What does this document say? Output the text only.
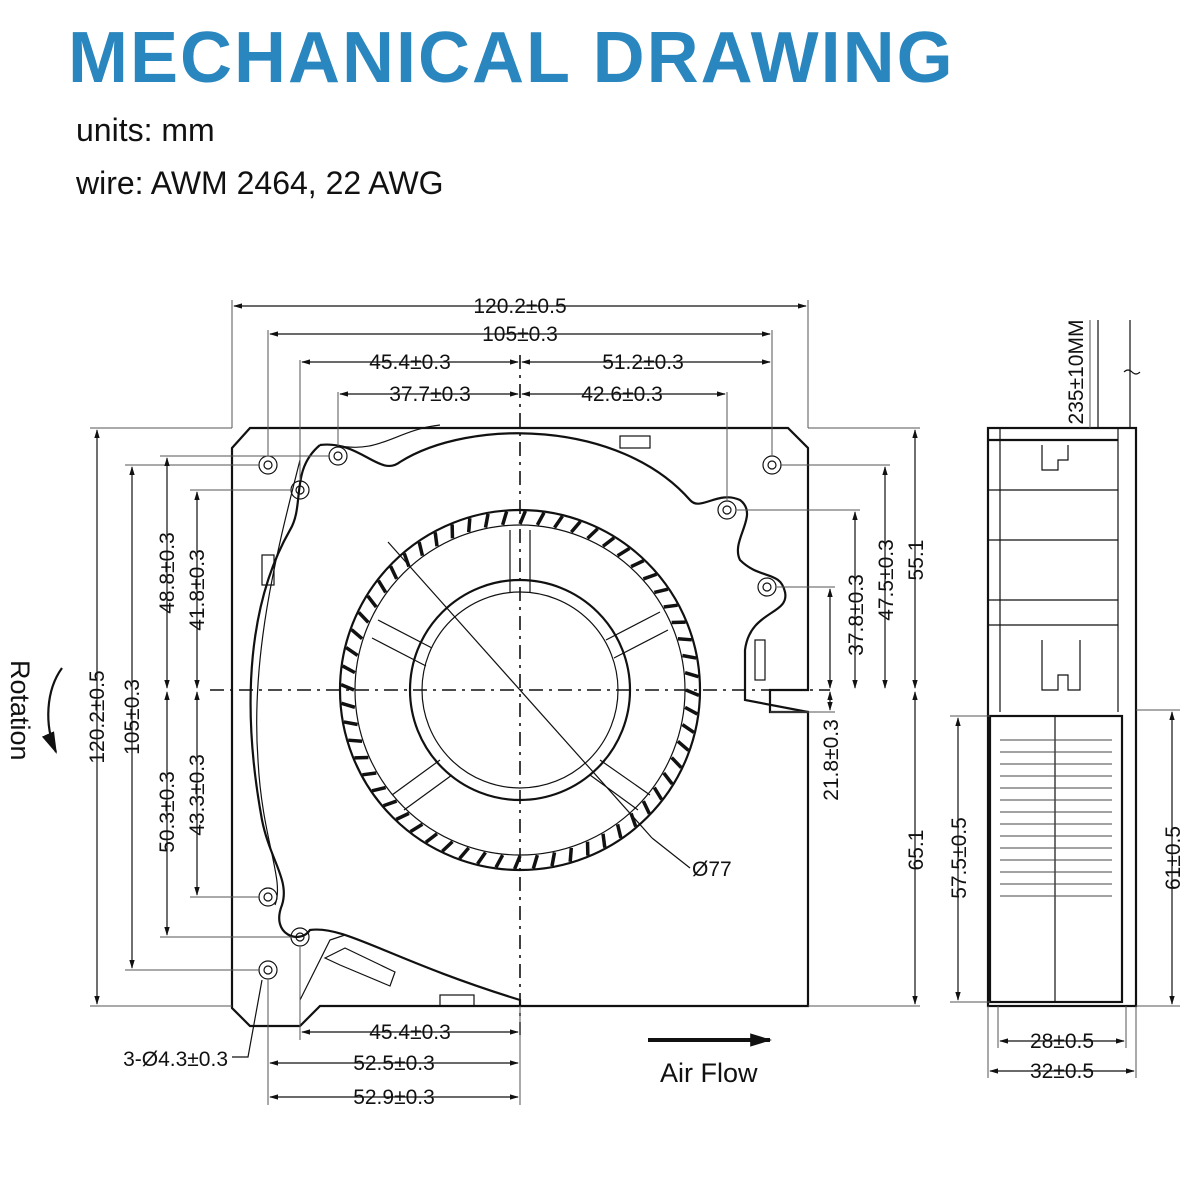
MECHANICAL DRAWING
units: mm
wire: AWM 2464, 22 AWG
120.2±0.5
105±0.3
45.4±0.3	51.2±0.3
37.7±0.3	42.6±0.3
120.2±0.5 105±0.3
48.8±0.3 41.8±0.3
50.3±0.3 43.3±0.3
37.8±0.3 47.5±0.3 55.1
21.8±0.3
65.1
Ø77
45.4±0.3
52.5±0.3
52.9±0.3
3-Ø4.3±0.3
Rotation
Air Flow
235±10MM
57.5±0.5	61±0.5
28±0.5
32±0.5
